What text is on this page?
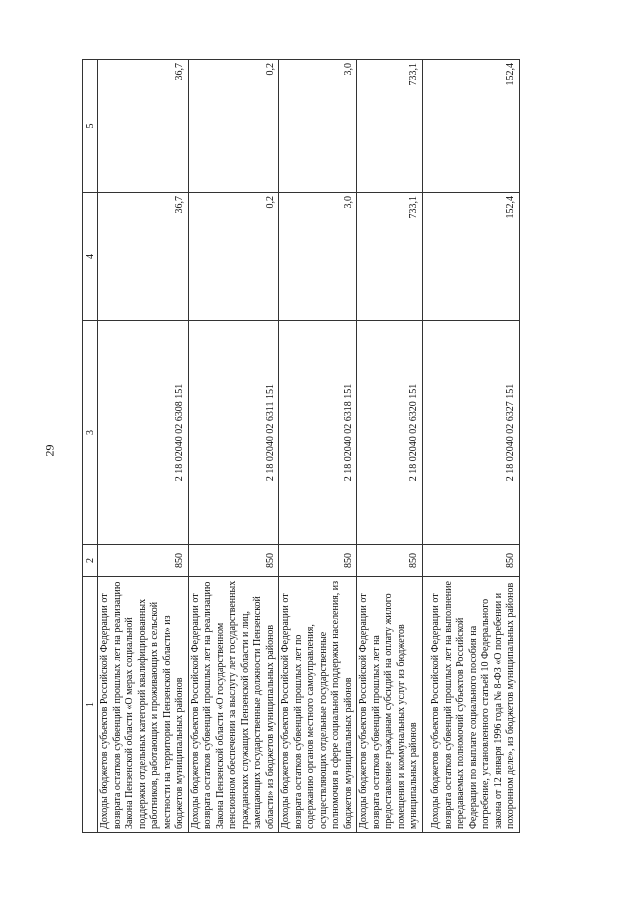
29
1	2	3	4	5
Доходы бюджетов субъектов Российской Федерации от возврата остатков субвенций прошлых лет на реализацию Закона Пензенской области «О мерах социальной поддержки отдельных категорий квалифицированных работников, работающих и проживающих в сельской местности на территории Пензенской области» из бюджетов муниципальных районов	850	2 18 02040 02 6308 151	36,7	36,7
Доходы бюджетов субъектов Российской Федерации от возврата остатков субвенций прошлых лет на реализацию Закона Пензенской области «О государственном пенсионном обеспечении за выслугу лет государственных гражданских служащих Пензенской области и лиц, замещающих государственные должности Пензенской области» из бюджетов муниципальных районов	850	2 18 02040 02 6311 151	0,2	0,2
Доходы бюджетов субъектов Российской Федерации от возврата остатков субвенций прошлых лет по содержанию органов местного самоуправления, осуществляющих отдельные государственные полномочия в сфере социальной поддержки населения, из бюджетов муниципальных районов	850	2 18 02040 02 6318 151	3,0	3,0
Доходы бюджетов субъектов Российской Федерации от возврата остатков субвенций прошлых лет на предоставление гражданам субсидий на оплату жилого помещения и коммунальных услуг из бюджетов муниципальных районов	850	2 18 02040 02 6320 151	733,1	733,1
Доходы бюджетов субъектов Российской Федерации от возврата остатков субвенций прошлых лет на выполнение передаваемых полномочий субъектов Российской Федерации по выплате социального пособия на погребение, установленного статьей 10 Федерального закона от 12 января 1996 года № 8-ФЗ «О погребении и похоронном деле», из бюджетов муниципальных районов	850	2 18 02040 02 6327 151	152,4	152,4
